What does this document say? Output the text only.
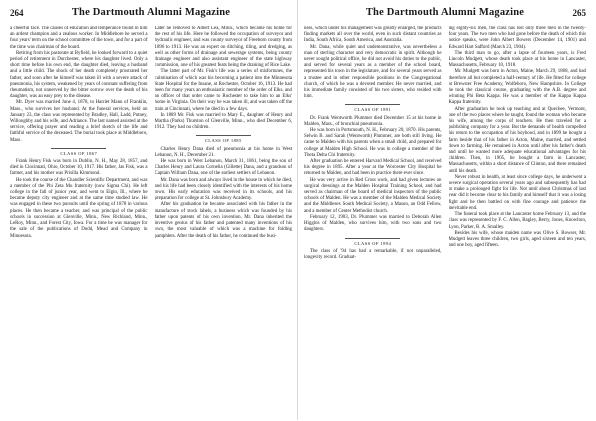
264	The Dartmouth Alumni Magazine

a cheerful face. The causes of education and temperance found in him an ardent champion and a zealous worker. In Middlebore he served a four years' term on the school committee of the town, and for a part of the time was chairman of the board.

Retiring from his pastorate at Byfield, he looked forward to a quiet period of retirement in Dorchester, where his daughter lived. Only a short time before his own end, the daughter died, leaving a husband and a little child. The shock of her death completely prostrated her father, and soon after he himself was taken ill with a severe attack of pneumonia, his system, weakened by years of constant suffering from rheumatism, not unnerved by the bitter sorrow over the death of his daughter, was an easy prey to the disease.

Mr. Dyer was married June 4, 1878, to Harriet Mann of Franklin, Mass., who survives her husband. At the funeral services, held on January 23, the class was represented by Bradley, Hall, Ladd, Putney, Willoughby and his wife, and Adriance. The last named assisted at the service, offering prayer and reading a brief sketch of the life and faithful service of the deceased. The burial took place at Middleboro, Mass.

CLASS OF 1867

Frank Henry Fisk was born in Dublin, N. H., May 28, 1857, and died in Cincinnati, Ohio, October 10, 1917. His father, Jas Fisk, was a farmer, and his mother was Prisilla Kimmond.

He took the course of the Chandler Scientific Department, and was a member of the Phi Zeta Mu fraternity (now Sigma Chi). He left college in the fall of junior year, and went to Elgin, Ill., where he became deputy city engineer and at the same time studied law. He was engaged in these two pursuits until the spring of 1878 in various places. He then became a teacher, and was principal of the public schools in succession at Glenville, Minn., New Richland, Minn., LeRoy, Minn., and Forest City, Iowa. For a time he was manager for the sale of the publications of Dodd, Mead and Company in Minnesota.

Later he removed to Albert Lea, Minn., which became his home for the rest of his life. Here he followed the occupation of surveyor and hydraulic engineer, and was county surveyor of Freeborn county from 1896 to 1913. He was an expert on ditching, tiling, and dredging, as well as other forms of drainage and sewerage systems, being county drainage engineer and also assistant engineer of the state highway commission, one of his greatest feats being the draining of Rice Lake.

The latter part of Mr. Fisk's life was a series of misfortunes, the culmination of which was his becoming a patient into the Minnesota State Hospital for the Insane, at Rochester, October 16, 1913. He had been for many years an enthusiastic member of the order of Elks, and an officer of that order came to Rochester to take him to an Elks' home in Virginia. On their way he was taken ill, and was taken off the train at Cincinnati, where he died in a few days.

In 1889 Mr. Fisk was married to Mary E., daughter of Henry and Martha (Parks) Thurston of Glenville, Minn., who died December 6, 1912. They had no children.

CLASS OF 1885

Charles Henry Dana died of pneumonia at his home in West Lebanon, N. H., December 21.

He was born in West Lebanon, March 31, 1861, being the son of Charles Henry and Laura Cornelia (Gillette) Dana, and a grandson of Captain William Dana, one of the earliest settlers of Lebanon.

Mr. Dana was born and always lived in the house in which he died, and his life had been closely identified with the interests of his home town. His early education was received in its schools, and his preparation for college at St. Johnsbury Academy.

After his graduation he became associated with his father in the manufacture of stock labels, a business which was founded by his father upon patents of his own invention. Mr. Dana inherited the inventive genius of his father and patented many inventions of his own, the most valuable of which was a machine for folding pamphlets. After the death of his father, he continued the busi-

The Dartmouth Alumni Magazine	265

ness, which under his management was greatly enlarged, the products finding markets all over the world, even in such distant countries as India, South Africa, South America, and Australia.

Mr. Dana, while quiet and undemonstrative, was nevertheless a man of sterling character and very democratic in spirit. Although he never sought political office, he did not avoid his duties to the public, and served for several years as a member of the school board, represented his town in the legislature, and for several years served as a trustee and in other responsible positions in the Congregational church, of which he was a devoted member. He never married, and his immediate family consisted of his two sisters, who resided with him.

CLASS OF 1891

Dr. Frank Wentworth Plummer died December 15 at his home in Malden, Mass., of bronchial pneumonia.

He was born in Portsmouth, N. H., February 20, 1870. His parents, Selwin B. and Sarah (Wentworth) Plummer, are both still living. He came to Malden with his parents when a small child, and prepared for college at Malden High School. He was in college a member of the Theta Delta Chi fraternity.

After graduation he entered Harvard Medical School, and received his degree in 1895. After a year at the Worcester City Hospital he returned to Malden, and had been in practice there ever since.

He was very active in Red Cross work, and had given lectures on surgical dressings at the Malden Hospital Training School, and had served as chairman of the board of medical inspectors of the public schools of Malden. He was a member of the Malden Medical Society and the Middlesex South Medical Society, a Mason, an Odd Fellow, and a member of Center Methodist church.

February 12, 1903, Dr. Plummer was married to Deborah Allen Higgins of Malden, who survives him, with two sons and two daughters.

CLASS OF 1894

The class of '94 has had a remarkable, if not unparalleled, longevity record. Graduat-

ing eighty-six men, the class has lost only three men in the twenty-four years. The two men who had gone before the death of which this notice speaks, were John Albert Bowers (December 14, 1901) and Edward Hart Safford (March 23, 1904).

The third man to go, after a lapse of fourteen years, is Fred Lincoln Mudgett, whose death took place at his home in Lancaster, Massachusetts, February 10, 1918.

Mr. Mudgett was born in Acton, Maine, March 29, 1868, and had therefore all but completed a half-century of life. He fitted for college at Brewster Free Academy, Wolfeboro, New Hampshire. In College he took the classical course, graduating with the A.B. degree and winning Phi Beta Kappa. He was a member of the Kappa Kappa Kappa fraternity.

After graduation he took up teaching and at Quechee, Vermont, one of the two places where he taught, found the woman who became his wife, among the corps of teachers. He then traveled for a publishing company for a year. But the demands of health compelled his return to the occupation of his boyhood, and in 1899 he bought a farm beside that of his father in Acton, Maine, married, and settled down to farming. He remained in Acton until after his father's death and until he wanted more adequate educational advantages for his children. Then, in 1905, he bought a farm in Lancaster, Massachusetts, within a short distance of Clinton, and there remained until his death.

Never robust in health, at least since college days, he underwent a severe surgical operation several years ago and subsequently has had to make a prolonged fight for life. Not until about Christmas of last year did it become clear to his family and himself that it was a losing fight and he then battled on with fine courage and patience the inevitable end.

The funeral took place at the Lancaster home February 13, and the class was represented by F. C. Allen, Bagley, Berry, Jones, Knowlton, Lyon, Parker, B. A. Smalley.

Besides his wife, whose maiden name was Olive S. Bowser, Mr. Mudgett leaves three children, two girls, aged sixteen and ten years, and one boy, aged fifteen.
